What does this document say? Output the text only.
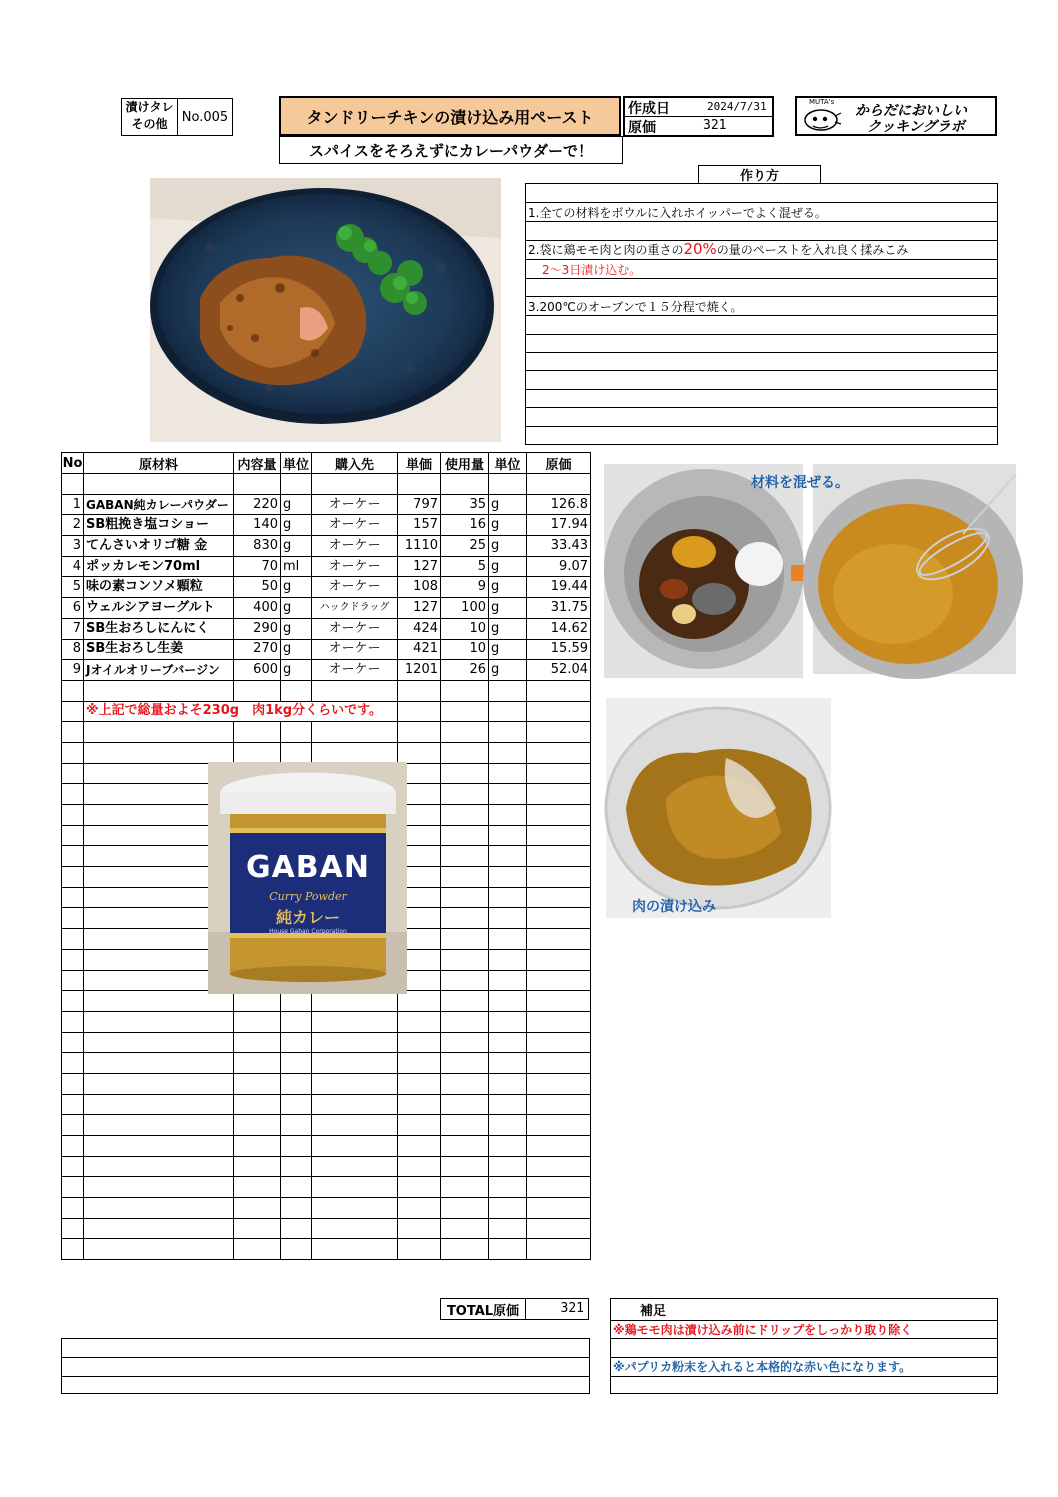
漬けタレ
その他	No.005	タンドリーチキンの漬け込み用ペースト
スパイスをそろえずにカレーパウダーで！
作成日	2024/7/31
原価	321
MUTA's
からだにおいしい
クッキングラボ
作り方
1.全ての材料をボウルに入れホイッパーでよく混ぜる。
2.袋に鶏モモ肉と肉の重さの20%の量のペーストを入れ良く揉みこみ
2～3日漬け込む。
3.200℃のオーブンで１５分程で焼く。
No	原材料	内容量	単位	購入先	単価	使用量	単位	原価

1	GABAN純カレーパウダー	220	g	オーケー	797	35	g	126.8
2	SB粗挽き塩コショー	140	g	オーケー	157	16	g	17.94
3	てんさいオリゴ糖 金	830	g	オーケー	1110	25	g	33.43
4	ポッカレモン70ml	70	ml	オーケー	127	5	g	9.07
5	味の素コンソメ顆粒	50	g	オーケー	108	9	g	19.44
6	ウェルシアヨーグルト	400	g	ハックドラッグ	127	100	g	31.75
7	SB生おろしにんにく	290	g	オーケー	424	10	g	14.62
8	SB生おろし生姜	270	g	オーケー	421	10	g	15.59
9	Jオイルオリーブバージン	600	g	オーケー	1201	26	g	52.04

	※上記で総量およそ230g　肉1kg分くらいです。							

GABAN
Curry Powder
純カレー
House Gaban Corporation
TOTAL原価	321
材料を混ぜる。
肉の漬け込み
補足
※鶏モモ肉は漬け込み前にドリップをしっかり取り除く
※パプリカ粉末を入れると本格的な赤い色になります。
